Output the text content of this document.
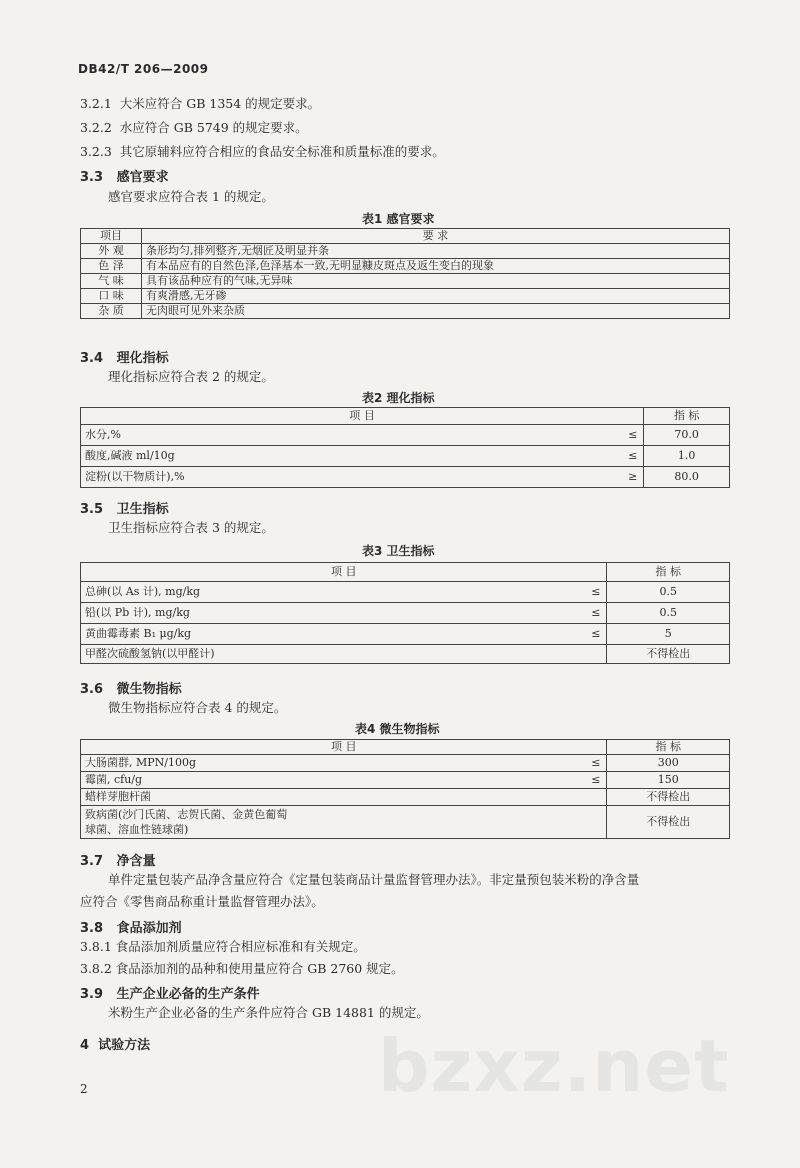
DB42/T 206—2009
3.2.1 大米应符合 GB 1354 的规定要求。
3.2.2 水应符合 GB 5749 的规定要求。
3.2.3 其它原辅料应符合相应的食品安全标准和质量标准的要求。
3.3 感官要求
感官要求应符合表 1 的规定。
表1 感官要求
项目	要 求
外 观	条形均匀,排列整齐,无烟匠及明显并条
色 泽	有本品应有的自然色泽,色泽基本一致,无明显糠皮斑点及返生变白的现象
气 味	具有该品种应有的气味,无异味
口 味	有爽滑感,无牙碜
杂 质	无肉眼可见外来杂质
3.4 理化指标
理化指标应符合表 2 的规定。
表2 理化指标
项 目		指 标
水分,%	≤	70.0
酸度,碱液 ml/10g	≤	1.0
淀粉(以干物质计),%	≥	80.0
3.5 卫生指标
卫生指标应符合表 3 的规定。
表3 卫生指标
项 目		指 标
总砷(以 As 计), mg/kg	≤	0.5
铅(以 Pb 计), mg/kg	≤	0.5
黄曲霉毒素 B₁ μg/kg	≤	5
甲醛次硫酸氢钠(以甲醛计)		不得检出
3.6 微生物指标
微生物指标应符合表 4 的规定。
表4 微生物指标
项 目		指 标
大肠菌群, MPN/100g	≤	300
霉菌, cfu/g	≤	150
蜡样芽胞杆菌		不得检出

致病菌(沙门氏菌、志贺氏菌、金黄色葡萄
球菌、溶血性链球菌)		不得检出
3.7 净含量
单件定量包装产品净含量应符合《定量包装商品计量监督管理办法》。非定量预包装米粉的净含量
应符合《零售商品称重计量监督管理办法》。
3.8 食品添加剂
3.8.1 食品添加剂质量应符合相应标准和有关规定。
3.8.2 食品添加剂的品种和使用量应符合 GB 2760 规定。
3.9 生产企业必备的生产条件
米粉生产企业必备的生产条件应符合 GB 14881 的规定。
4 试验方法	bzxz.net
2
